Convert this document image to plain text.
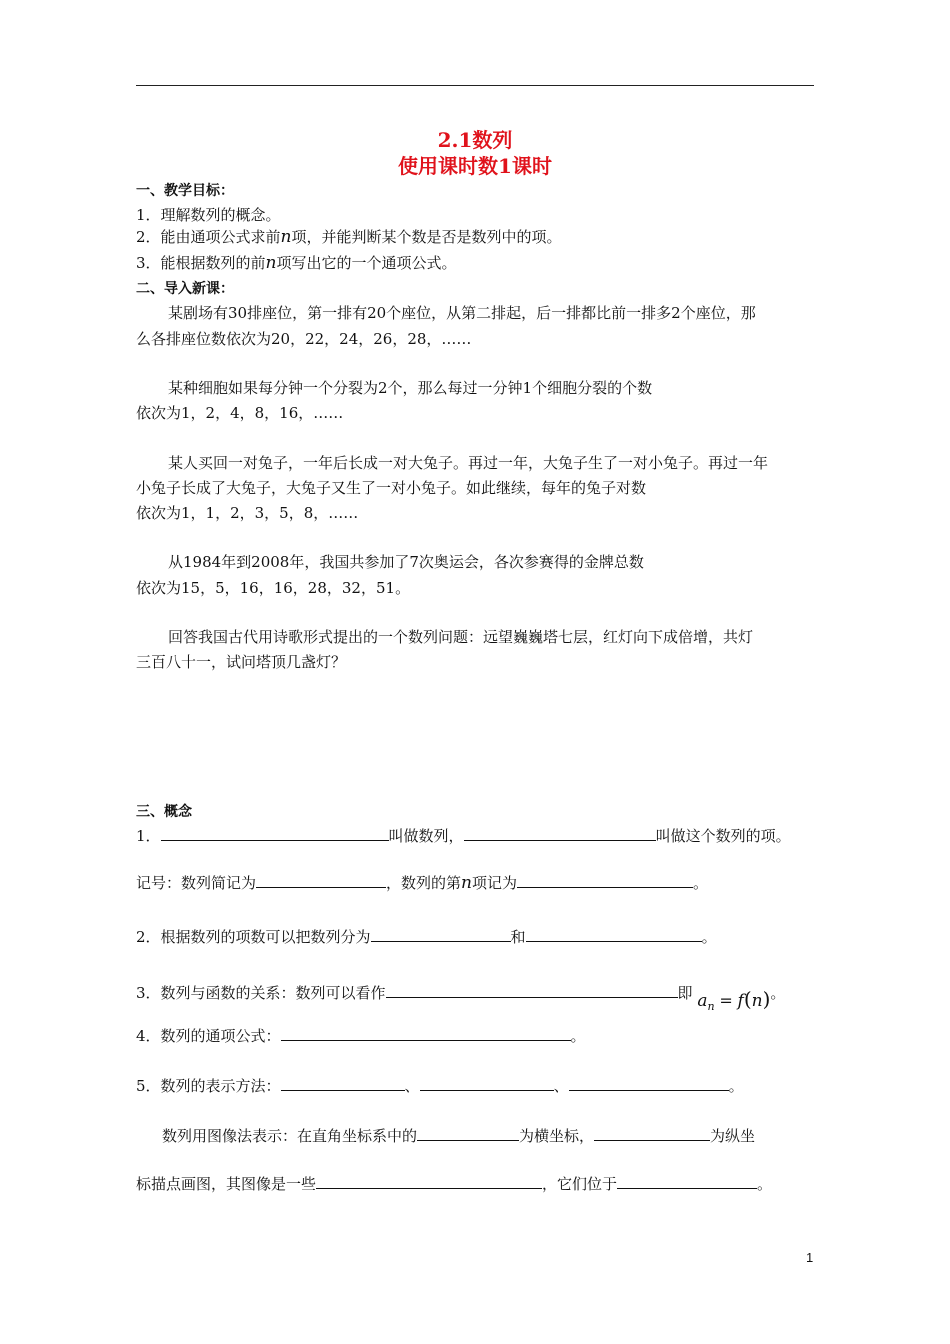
2.1数列
使用课时数1课时
一、教学目标：
1．理解数列的概念。
2．能由通项公式求前n项，并能判断某个数是否是数列中的项。
3．能根据数列的前n项写出它的一个通项公式。
二、导入新课：
某剧场有30排座位，第一排有20个座位，从第二排起，后一排都比前一排多2个座位，那
么各排座位数依次为20，22，24，26，28，……
某种细胞如果每分钟一个分裂为2个，那么每过一分钟1个细胞分裂的个数
依次为1，2，4，8，16，……
某人买回一对兔子，一年后长成一对大兔子。再过一年，大兔子生了一对小兔子。再过一年
小兔子长成了大兔子，大兔子又生了一对小兔子。如此继续，每年的兔子对数
依次为1，1，2，3，5，8，……
从1984年到2008年，我国共参加了7次奥运会，各次参赛得的金牌总数
依次为15，5，16，16，28，32，51。
回答我国古代用诗歌形式提出的一个数列问题：远望巍巍塔七层，红灯向下成倍增，共灯
三百八十一，试问塔顶几盏灯？
三、概念
1．	叫做数列，	叫做这个数列的项。
记号：数列简记为	，数列的第n项记为	。
2．根据数列的项数可以把数列分为	和	。
3．数列与函数的关系：数列可以看作	即 $a_n = f(n)$。
4．数列的通项公式：	。
5．数列的表示方法：	、	、	。
数列用图像法表示：在直角坐标系中的	为横坐标，	为纵坐
标描点画图，其图像是一些	，它们位于	。
1
